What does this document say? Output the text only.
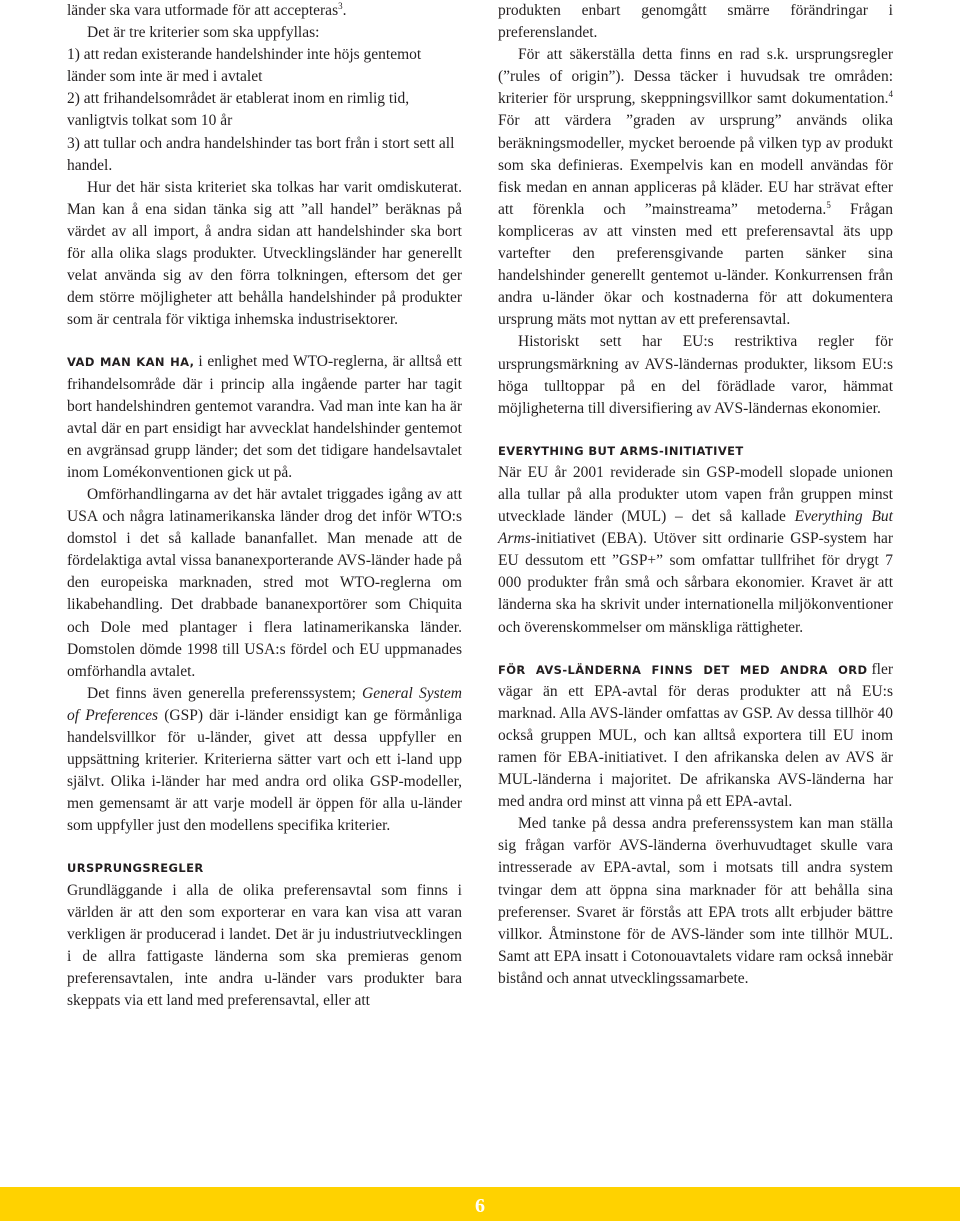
länder ska vara utformade för att accepteras$^3$.

Det är tre kriterier som ska uppfyllas:

1) att redan existerande handelshinder inte höjs gentemot länder som inte är med i avtalet

2) att frihandelsområdet är etablerat inom en rimlig tid, vanligtvis tolkat som 10 år

3) att tullar och andra handelshinder tas bort från i stort sett all handel.

Hur det här sista kriteriet ska tolkas har varit omdiskuterat. Man kan å ena sidan tänka sig att ”all handel” beräknas på värdet av all import, å andra sidan att handelshinder ska bort för alla olika slags produkter. Utvecklingsländer har generellt velat använda sig av den förra tolkningen, eftersom det ger dem större möjligheter att behålla handelshinder på produkter som är centrala för viktiga inhemska industrisektorer.

VAD MAN KAN HA, i enlighet med WTO-reglerna, är alltså ett frihandelsområde där i princip alla ingående parter har tagit bort handelshindren gentemot varandra. Vad man inte kan ha är avtal där en part ensidigt har avvecklat handelshinder gentemot en avgränsad grupp länder; det som det tidigare handelsavtalet inom Lomékonventionen gick ut på.

Omförhandlingarna av det här avtalet triggades igång av att USA och några latinamerikanska länder drog det inför WTO:s domstol i det så kallade bananfallet. Man menade att de fördelaktiga avtal vissa bananexporterande AVS-länder hade på den europeiska marknaden, stred mot WTO-reglerna om likabehandling. Det drabbade bananexportörer som Chiquita och Dole med plantager i flera latinamerikanska länder. Domstolen dömde 1998 till USA:s fördel och EU uppmanades omförhandla avtalet.

Det finns även generella preferenssystem; General System of Preferences (GSP) där i-länder ensidigt kan ge förmånliga handelsvillkor för u-länder, givet att dessa uppfyller en uppsättning kriterier. Kriterierna sätter vart och ett i-land upp självt. Olika i-länder har med andra ord olika GSP-modeller, men gemensamt är att varje modell är öppen för alla u-länder som uppfyller just den modellens specifika kriterier.

URSPRUNGSREGLER

Grundläggande i alla de olika preferensavtal som finns i världen är att den som exporterar en vara kan visa att varan verkligen är producerad i landet. Det är ju industriutvecklingen i de allra fattigaste länderna som ska premieras genom preferensavtalen, inte andra u-länder vars produkter bara skeppats via ett land med preferensavtal, eller att

produkten enbart genomgått smärre förändringar i preferenslandet.

För att säkerställa detta finns en rad s.k. ursprungsregler (”rules of origin”). Dessa täcker i huvudsak tre områden: kriterier för ursprung, skeppningsvillkor samt dokumentation.$^4$ För att värdera ”graden av ursprung” används olika beräkningsmodeller, mycket beroende på vilken typ av produkt som ska definieras. Exempelvis kan en modell användas för fisk medan en annan appliceras på kläder. EU har strävat efter att förenkla och ”mainstreama” metoderna.$^5$ Frågan kompliceras av att vinsten med ett preferensavtal äts upp vartefter den preferensgivande parten sänker sina handelshinder generellt gentemot u-länder. Konkurrensen från andra u-länder ökar och kostnaderna för att dokumentera ursprung mäts mot nyttan av ett preferensavtal.

Historiskt sett har EU:s restriktiva regler för ursprungsmärkning av AVS-ländernas produkter, liksom EU:s höga tulltoppar på en del förädlade varor, hämmat möjligheterna till diversifiering av AVS-ländernas ekonomier.

EVERYTHING BUT ARMS-INITIATIVET

När EU år 2001 reviderade sin GSP-modell slopade unionen alla tullar på alla produkter utom vapen från gruppen minst utvecklade länder (MUL) – det så kallade Everything But Arms-initiativet (EBA). Utöver sitt ordinarie GSP-system har EU dessutom ett ”GSP+” som omfattar tullfrihet för drygt 7 000 produkter från små och sårbara ekonomier. Kravet är att länderna ska ha skrivit under internationella miljökonventioner och överenskommelser om mänskliga rättigheter.

FÖR AVS-LÄNDERNA FINNS DET MED ANDRA ORD fler vägar än ett EPA-avtal för deras produkter att nå EU:s marknad. Alla AVS-länder omfattas av GSP. Av dessa tillhör 40 också gruppen MUL, och kan alltså exportera till EU inom ramen för EBA-initiativet. I den afrikanska delen av AVS är MUL-länderna i majoritet. De afrikanska AVS-länderna har med andra ord minst att vinna på ett EPA-avtal.

Med tanke på dessa andra preferenssystem kan man ställa sig frågan varför AVS-länderna överhuvudtaget skulle vara intresserade av EPA-avtal, som i motsats till andra system tvingar dem att öppna sina marknader för att behålla sina preferenser. Svaret är förstås att EPA trots allt erbjuder bättre villkor. Åtminstone för de AVS-länder som inte tillhör MUL. Samt att EPA insatt i Cotonouavtalets vidare ram också innebär bistånd och annat utvecklingssamarbete.

6
